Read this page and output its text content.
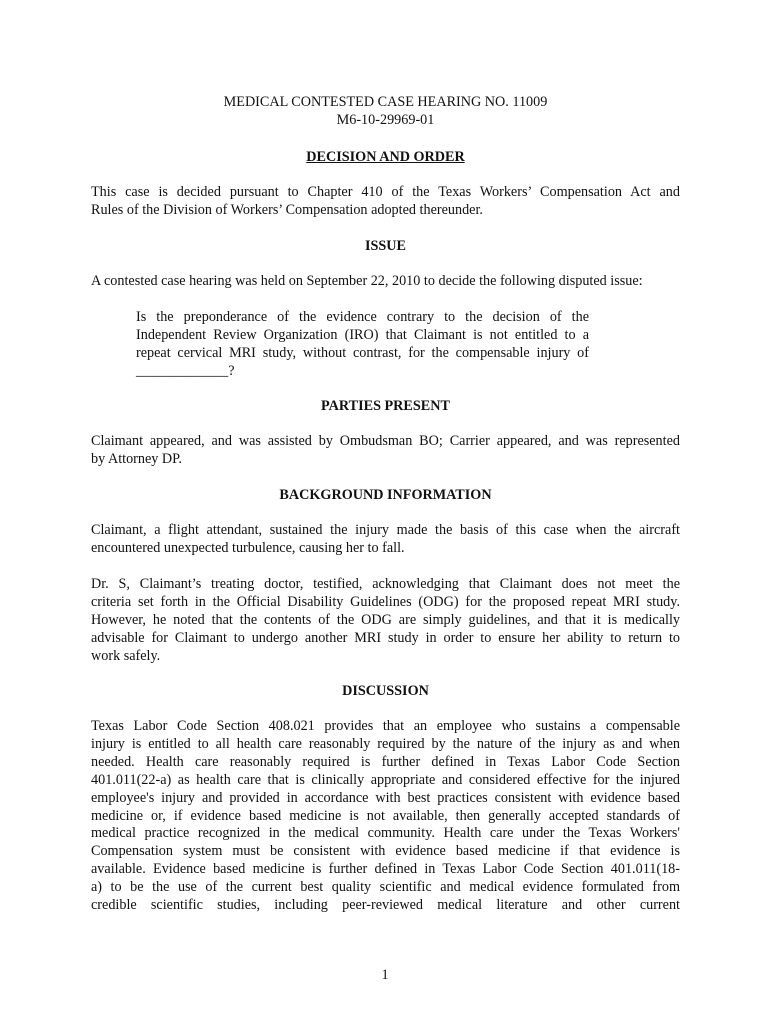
MEDICAL CONTESTED CASE HEARING NO. 11009
M6-10-29969-01
DECISION AND ORDER
This case is decided pursuant to Chapter 410 of the Texas Workers’ Compensation Act and
Rules of the Division of Workers’ Compensation adopted thereunder.
ISSUE
A contested case hearing was held on September 22, 2010 to decide the following disputed issue:
Is the preponderance of the evidence contrary to the decision of the
Independent Review Organization (IRO) that Claimant is not entitled to a
repeat cervical MRI study, without contrast, for the compensable injury of
_____________?
PARTIES PRESENT
Claimant appeared, and was assisted by Ombudsman BO; Carrier appeared, and was represented
by Attorney DP.
BACKGROUND INFORMATION
Claimant, a flight attendant, sustained the injury made the basis of this case when the aircraft
encountered unexpected turbulence, causing her to fall.
Dr. S, Claimant’s treating doctor, testified, acknowledging that Claimant does not meet the
criteria set forth in the Official Disability Guidelines (ODG) for the proposed repeat MRI study.
However, he noted that the contents of the ODG are simply guidelines, and that it is medically
advisable for Claimant to undergo another MRI study in order to ensure her ability to return to
work safely.
DISCUSSION
Texas Labor Code Section 408.021 provides that an employee who sustains a compensable
injury is entitled to all health care reasonably required by the nature of the injury as and when
needed. Health care reasonably required is further defined in Texas Labor Code Section
401.011(22-a) as health care that is clinically appropriate and considered effective for the injured
employee's injury and provided in accordance with best practices consistent with evidence based
medicine or, if evidence based medicine is not available, then generally accepted standards of
medical practice recognized in the medical community. Health care under the Texas Workers'
Compensation system must be consistent with evidence based medicine if that evidence is
available. Evidence based medicine is further defined in Texas Labor Code Section 401.011(18-
a) to be the use of the current best quality scientific and medical evidence formulated from
credible scientific studies, including peer-reviewed medical literature and other current
1
